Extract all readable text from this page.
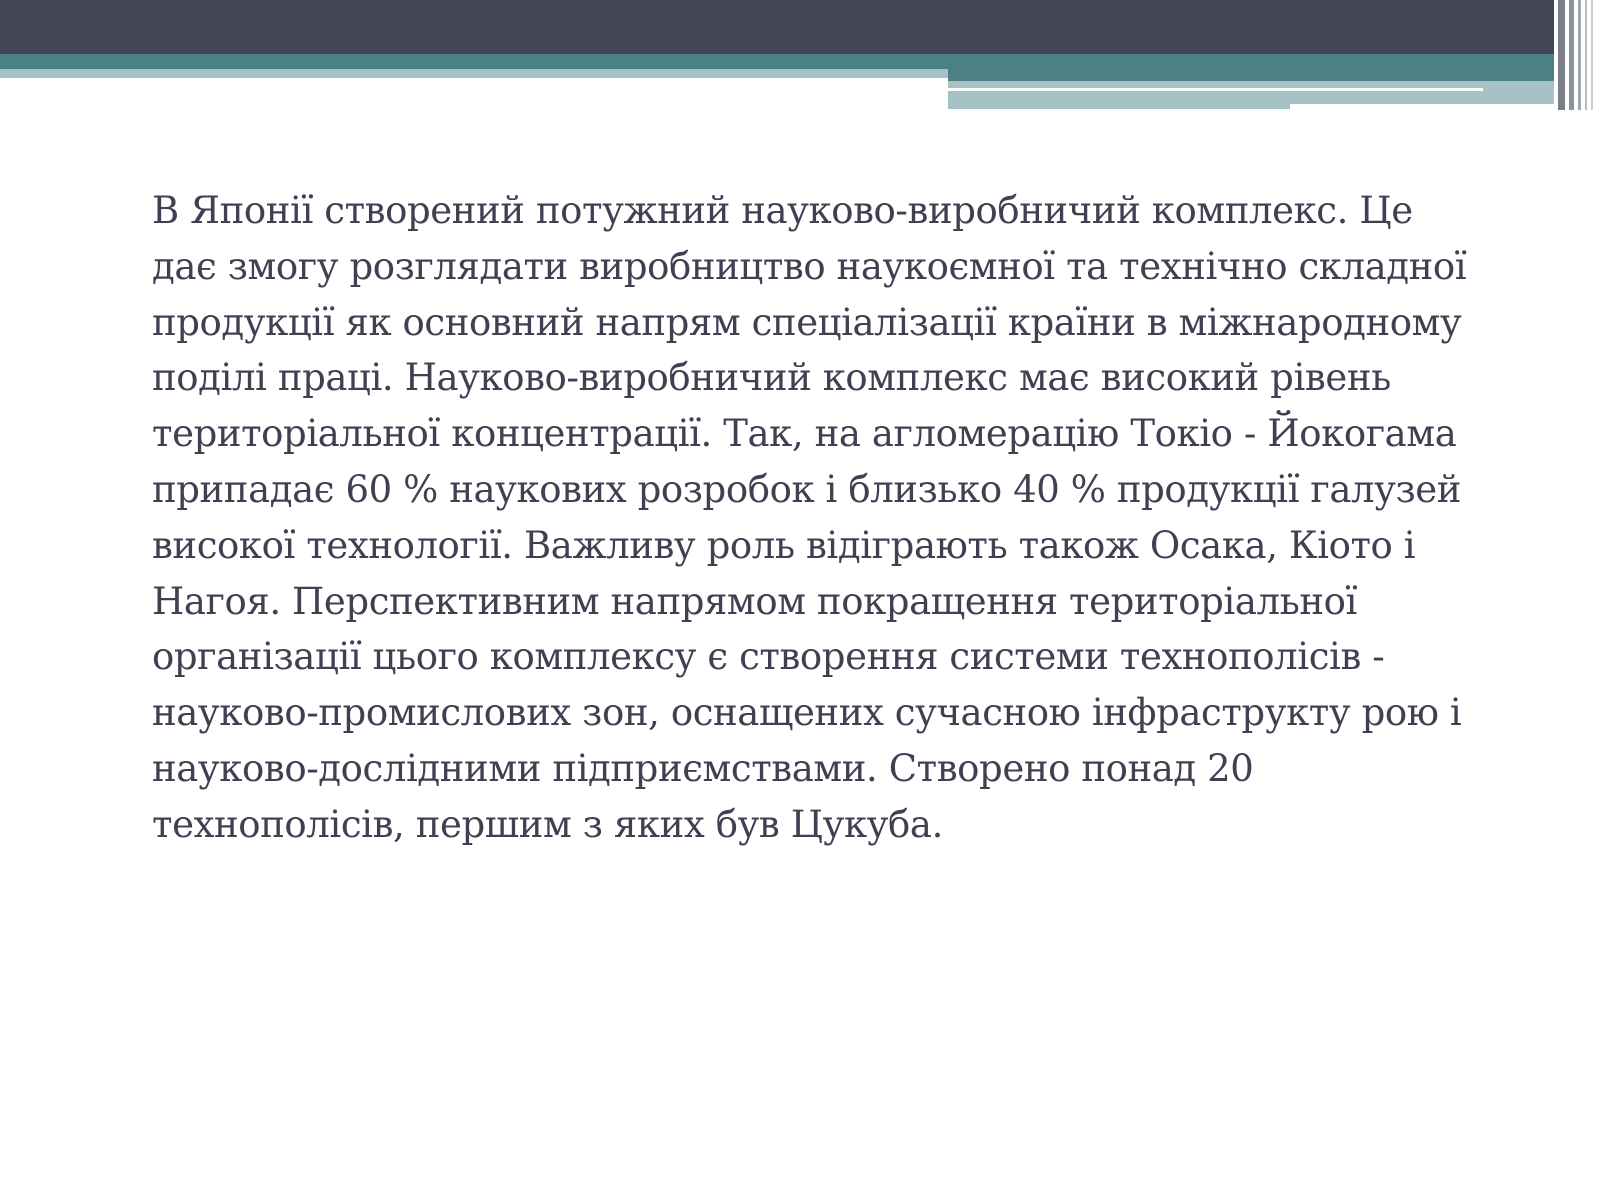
В Японії створений потужний науково-виробничий комплекс. Це дає змогу розглядати виробництво наукоємної та технічно складної продукції як основний напрям спеціалізації країни в міжнародному поділі праці. Науково-виробничий комплекс має високий рівень територіальної концентрації. Так, на агломерацію Токіо - Йокогама припадає 60 % наукових розробок і близько 40 % продукції галузей високої технології. Важливу роль відіграють також Осака, Кіото і Нагоя. Перспективним напрямом покращення територіальної організації цього комплексу є створення системи технополісів - науково-промислових зон, оснащених сучасною інфраструкту рою і науково-дослідними підприємствами. Створено понад 20 технополісів, першим з яких був Цукуба.
